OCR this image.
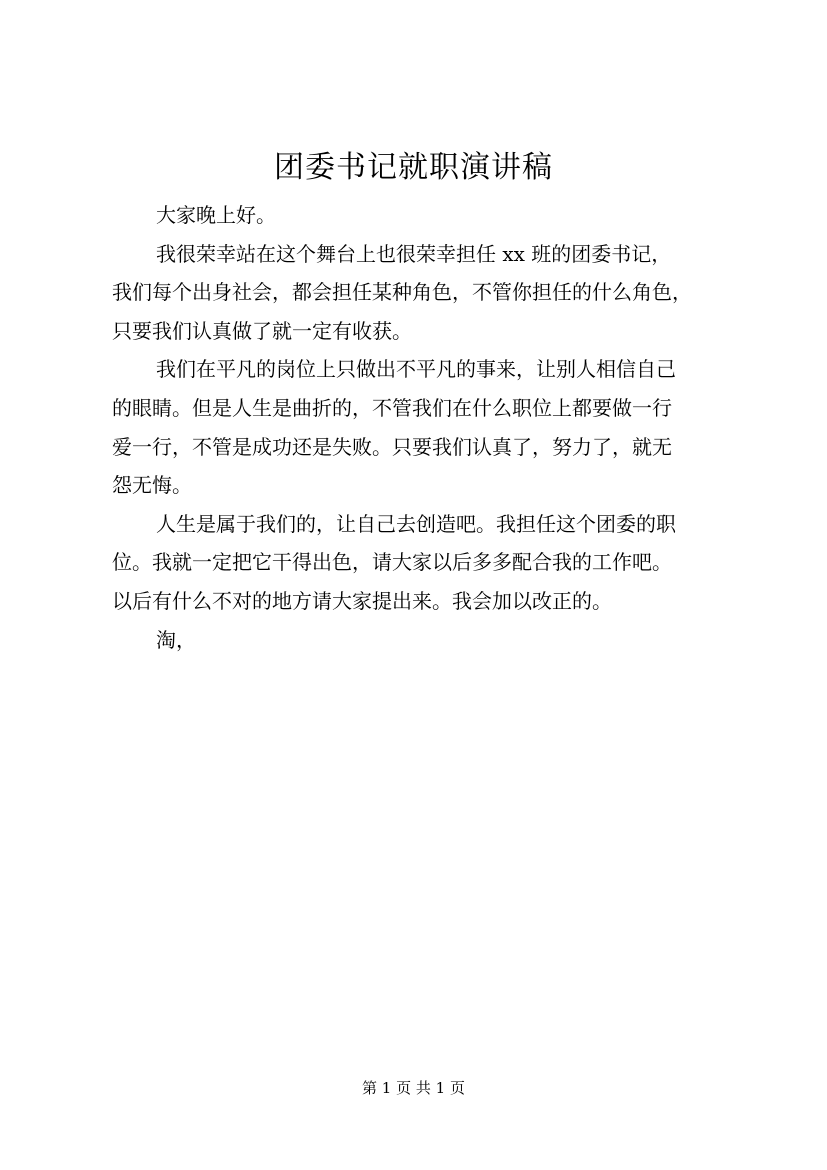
团委书记就职演讲稿
大家晚上好。
我很荣幸站在这个舞台上也很荣幸担任 xx 班的团委书记，
我们每个出身社会，都会担任某种角色，不管你担任的什么角色，
只要我们认真做了就一定有收获。
我们在平凡的岗位上只做出不平凡的事来，让别人相信自己
的眼睛。但是人生是曲折的，不管我们在什么职位上都要做一行
爱一行，不管是成功还是失败。只要我们认真了，努力了，就无
怨无悔。
人生是属于我们的，让自己去创造吧。我担任这个团委的职
位。我就一定把它干得出色，请大家以后多多配合我的工作吧。
以后有什么不对的地方请大家提出来。我会加以改正的。
淘，
第 1 页 共 1 页
